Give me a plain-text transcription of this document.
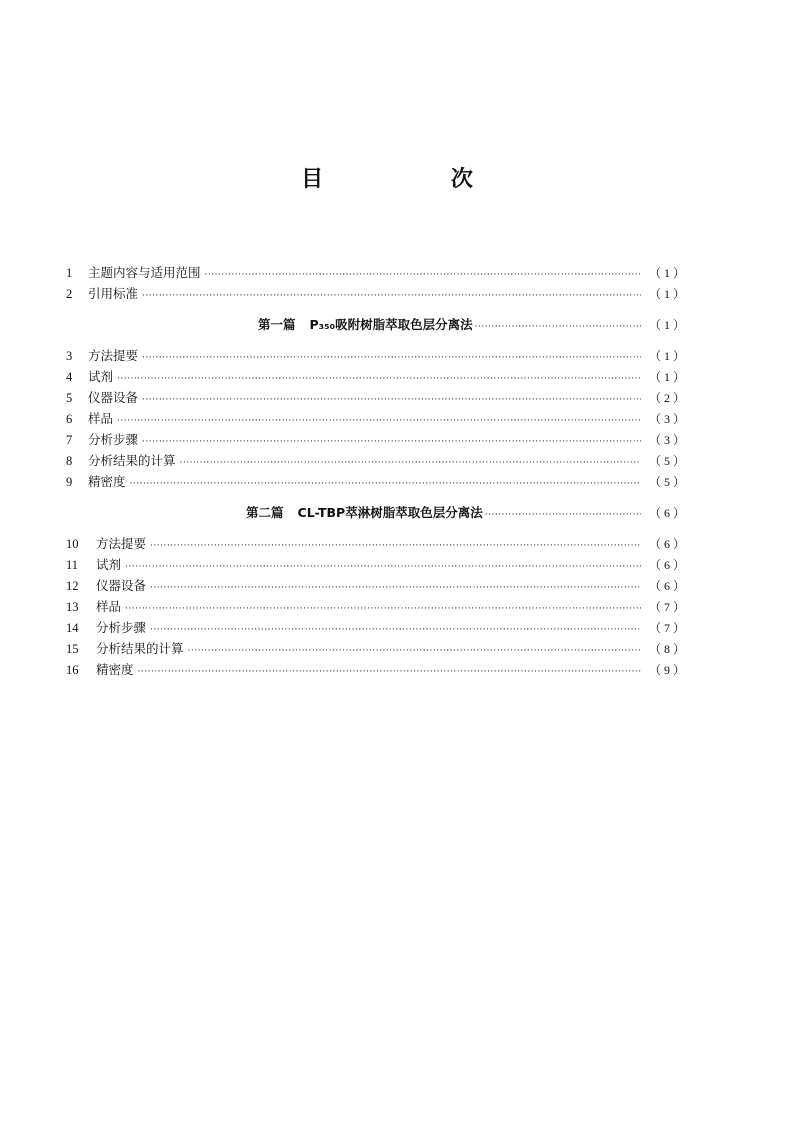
目 次
1	主题内容与适用范围 ·····	（1）
2	引用标准 ·····	（1）
第一篇 P₃₅₀吸附树脂萃取色层分离法 ·····	（1）
3	方法提要 ·····	（1）
4	试剂 ·····	（1）
5	仪器设备 ·····	（2）
6	样品 ·····	（3）
7	分析步骤 ·····	（3）
8	分析结果的计算 ·····	（5）
9	精密度 ·····	（5）
第二篇 CL-TBP萃淋树脂萃取色层分离法 ·····	（6）
10	方法提要 ·····	（6）
11	试剂 ·····	（6）
12	仪器设备 ·····	（6）
13	样品 ·····	（7）
14	分析步骤 ·····	（7）
15	分析结果的计算 ·····	（8）
16	精密度 ·····	（9）
